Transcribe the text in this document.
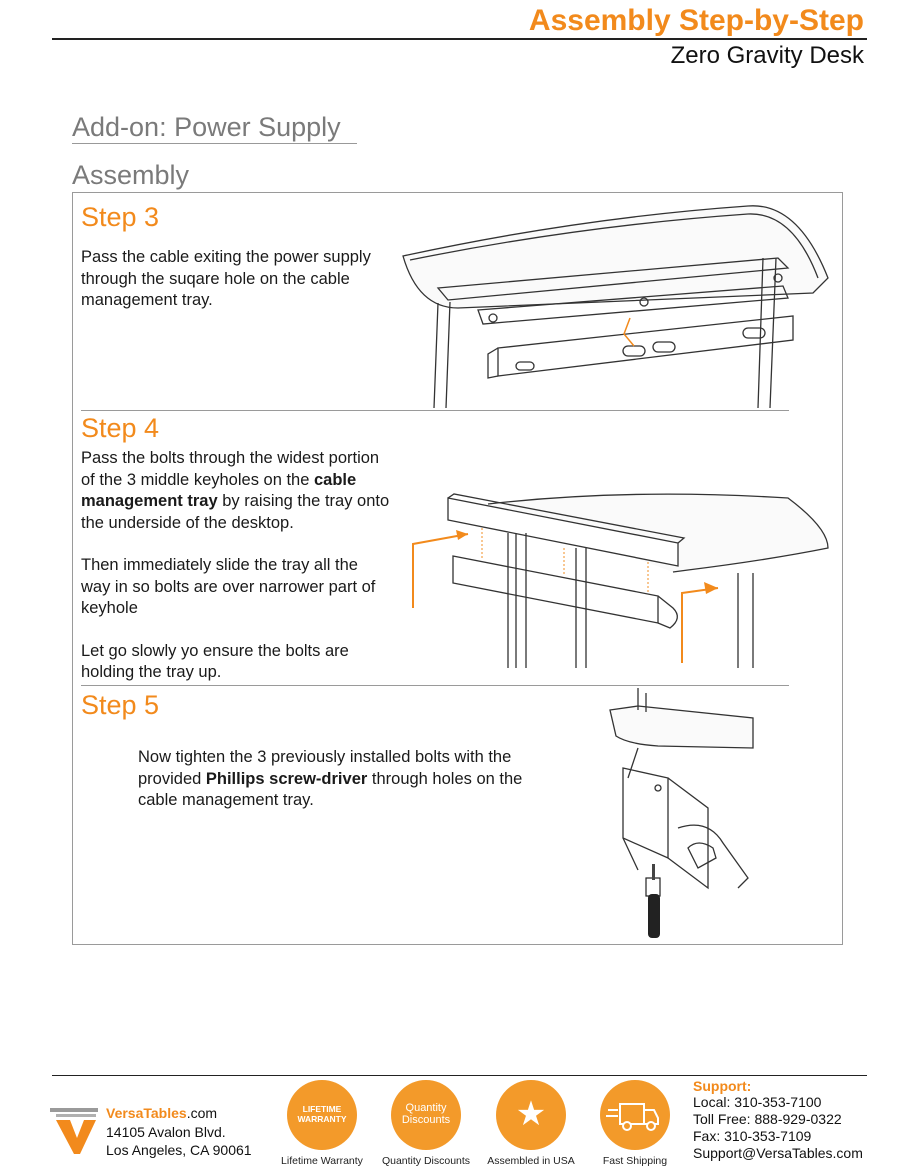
Assembly Step-by-Step
Zero Gravity Desk
Add-on: Power Supply
Assembly
Step 3
Pass the cable exiting the power supply
through the suqare hole on the cable
management tray.
Step 4
Pass the bolts through the widest portion
of the 3 middle keyholes on the cable
management tray by raising the tray onto
the underside of the desktop.
Then immediately slide the tray all the
way in so bolts are over narrower part of
keyhole
Let go slowly yo ensure the bolts are
holding the tray up.
Step 5
Now tighten the 3 previously installed bolts with the
provided Phillips screw-driver through holes on the
cable management tray.
VersaTables.com
14105 Avalon Blvd.
Los Angeles, CA 90061
LIFETIME WARRANTY
Lifetime Warranty
Quantity Discounts
Quantity Discounts
★
Assembled in USA	Fast Shipping
Support:
Local: 310-353-7100
Toll Free: 888-929-0322
Fax: 310-353-7109
Support@VersaTables.com
